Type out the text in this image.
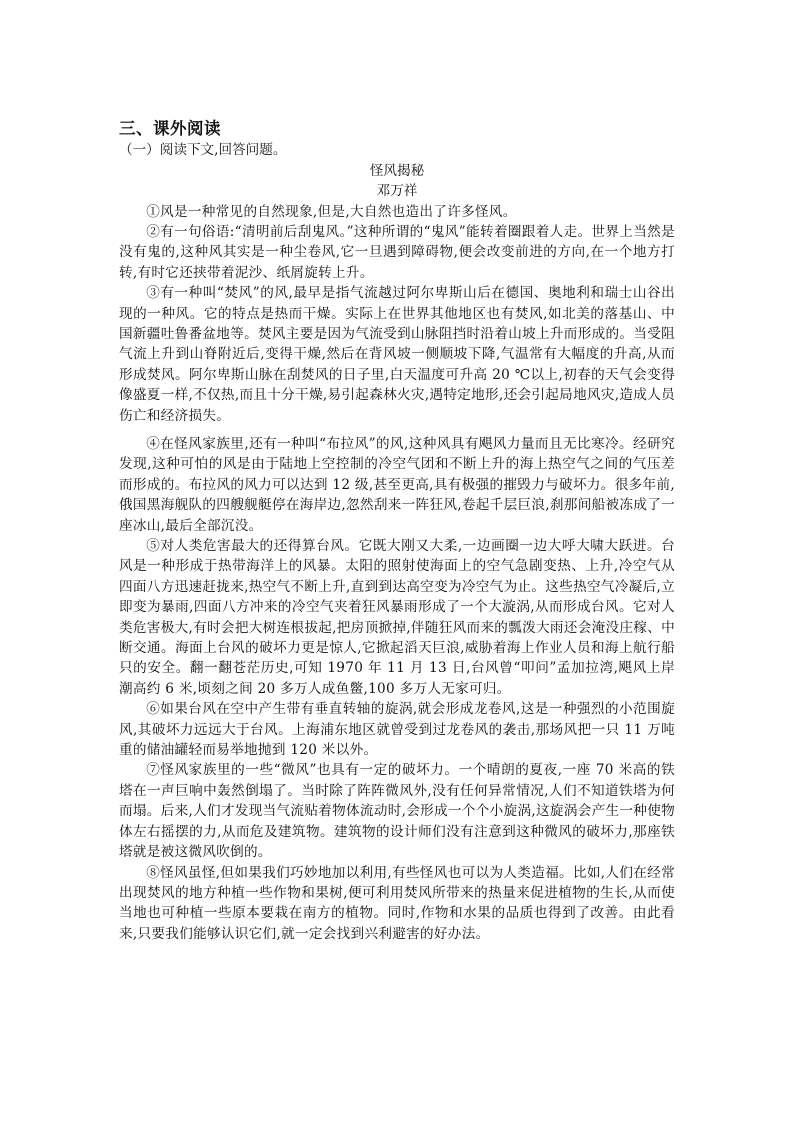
三、课外阅读

（一）阅读下文,回答问题。

怪风揭秘

邓万祥

①风是一种常见的自然现象,但是,大自然也造出了许多怪风。

②有一句俗语:“清明前后刮鬼风。”这种所谓的“鬼风”能转着圈跟着人走。世界上当然是没有鬼的,这种风其实是一种尘卷风,它一旦遇到障碍物,便会改变前进的方向,在一个地方打转,有时它还挟带着泥沙、纸屑旋转上升。

③有一种叫“焚风”的风,最早是指气流越过阿尔卑斯山后在德国、奥地利和瑞士山谷出现的一种风。它的特点是热而干燥。实际上在世界其他地区也有焚风,如北美的落基山、中国新疆吐鲁番盆地等。焚风主要是因为气流受到山脉阻挡时沿着山坡上升而形成的。当受阻气流上升到山脊附近后,变得干燥,然后在背风坡一侧顺坡下降,气温常有大幅度的升高,从而形成焚风。阿尔卑斯山脉在刮焚风的日子里,白天温度可升高 20 ℃以上,初春的天气会变得像盛夏一样,不仅热,而且十分干燥,易引起森林火灾,遇特定地形,还会引起局地风灾,造成人员伤亡和经济损失。

④在怪风家族里,还有一种叫“布拉风”的风,这种风具有飓风力量而且无比寒冷。经研究发现,这种可怕的风是由于陆地上空控制的冷空气团和不断上升的海上热空气之间的气压差而形成的。布拉风的风力可以达到 12 级,甚至更高,具有极强的摧毁力与破坏力。很多年前,俄国黑海舰队的四艘舰艇停在海岸边,忽然刮来一阵狂风,卷起千层巨浪,刹那间船被冻成了一座冰山,最后全部沉没。

⑤对人类危害最大的还得算台风。它既大刚又大柔,一边画圈一边大呼大啸大跃进。台风是一种形成于热带海洋上的风暴。太阳的照射使海面上的空气急剧变热、上升,冷空气从四面八方迅速赶拢来,热空气不断上升,直到到达高空变为冷空气为止。这些热空气冷凝后,立即变为暴雨,四面八方冲来的冷空气夹着狂风暴雨形成了一个大漩涡,从而形成台风。它对人类危害极大,有时会把大树连根拔起,把房顶掀掉,伴随狂风而来的瓢泼大雨还会淹没庄稼、中断交通。海面上台风的破坏力更是惊人,它掀起滔天巨浪,威胁着海上作业人员和海上航行船只的安全。翻一翻苍茫历史,可知 1970 年 11 月 13 日,台风曾“叩问”孟加拉湾,飓风上岸潮高约 6 米,顷刻之间 20 多万人成鱼鳖,100 多万人无家可归。

⑥如果台风在空中产生带有垂直转轴的旋涡,就会形成龙卷风,这是一种强烈的小范围旋风,其破坏力远远大于台风。上海浦东地区就曾受到过龙卷风的袭击,那场风把一只 11 万吨重的储油罐轻而易举地抛到 120 米以外。

⑦怪风家族里的一些“微风”也具有一定的破坏力。一个晴朗的夏夜,一座 70 米高的铁塔在一声巨响中轰然倒塌了。当时除了阵阵微风外,没有任何异常情况,人们不知道铁塔为何而塌。后来,人们才发现当气流贴着物体流动时,会形成一个个小旋涡,这旋涡会产生一种使物体左右摇摆的力,从而危及建筑物。建筑物的设计师们没有注意到这种微风的破坏力,那座铁塔就是被这微风吹倒的。

⑧怪风虽怪,但如果我们巧妙地加以利用,有些怪风也可以为人类造福。比如,人们在经常出现焚风的地方种植一些作物和果树,便可利用焚风所带来的热量来促进植物的生长,从而使当地也可种植一些原本要栽在南方的植物。同时,作物和水果的品质也得到了改善。由此看来,只要我们能够认识它们,就一定会找到兴利避害的好办法。
